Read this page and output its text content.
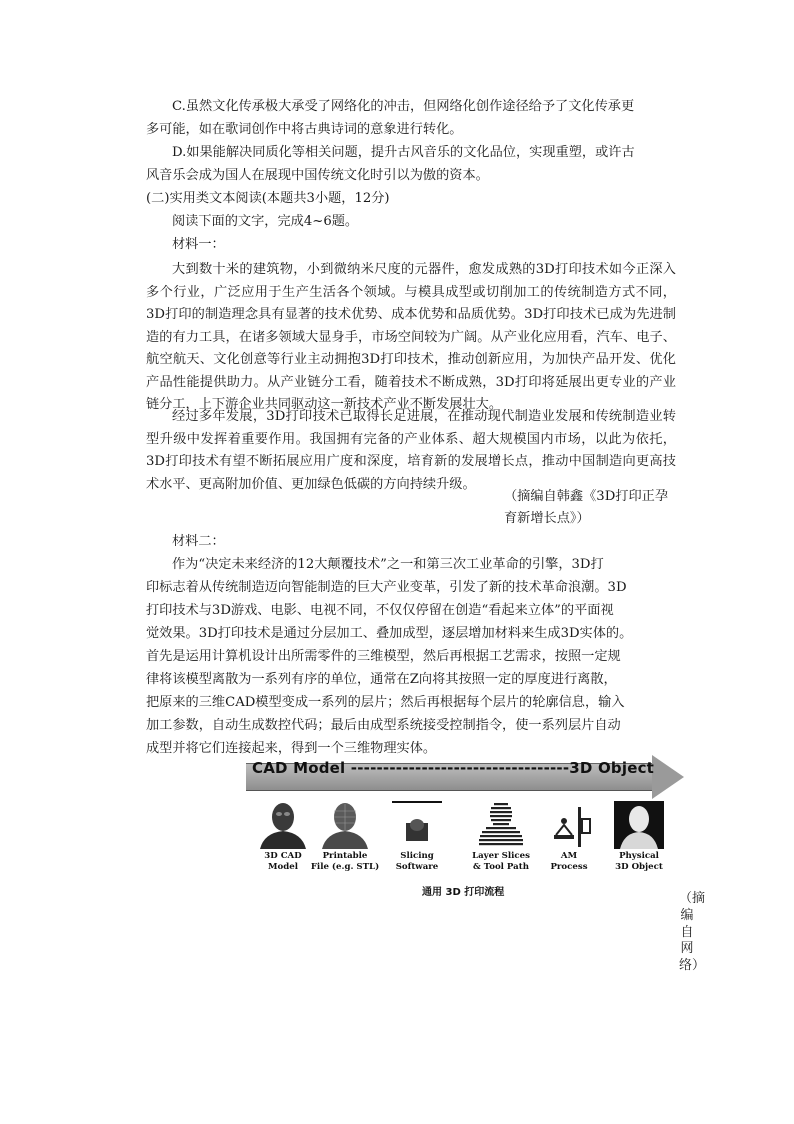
C.虽然文化传承极大承受了网络化的冲击，但网络化创作途径给予了文化传承更

多可能，如在歌词创作中将古典诗词的意象进行转化。

D.如果能解决同质化等相关问题，提升古风音乐的文化品位，实现重塑，或许古

风音乐会成为国人在展现中国传统文化时引以为傲的资本。

(二)实用类文本阅读(本题共3小题，12分)

阅读下面的文字，完成4~6题。

材料一：

大到数十米的建筑物，小到微纳米尺度的元器件，愈发成熟的3D打印技术如今正深入多个行业，广泛应用于生产生活各个领域。与模具成型或切削加工的传统制造方式不同，3D打印的制造理念具有显著的技术优势、成本优势和品质优势。3D打印技术已成为先进制造的有力工具，在诸多领域大显身手，市场空间较为广阔。从产业化应用看，汽车、电子、航空航天、文化创意等行业主动拥抱3D打印技术，推动创新应用，为加快产品开发、优化产品性能提供助力。从产业链分工看，随着技术不断成熟，3D打印将延展出更专业的产业链分工，上下游企业共同驱动这一新技术产业不断发展壮大。

经过多年发展，3D打印技术已取得长足进展，在推动现代制造业发展和传统制造业转型升级中发挥着重要作用。我国拥有完备的产业体系、超大规模国内市场，以此为依托，3D打印技术有望不断拓展应用广度和深度，培育新的发展增长点，推动中国制造向更高技术水平、更高附加价值、更加绿色低碳的方向持续升级。

（摘编自韩鑫《3D打印正孕

育新增长点》）

材料二：

作为“决定未来经济的12大颠覆技术”之一和第三次工业革命的引擎，3D打

印标志着从传统制造迈向智能制造的巨大产业变革，引发了新的技术革命浪潮。3D

打印技术与3D游戏、电影、电视不同，不仅仅停留在创造“看起来立体”的平面视

觉效果。3D打印技术是通过分层加工、叠加成型，逐层增加材料来生成3D实体的。

首先是运用计算机设计出所需零件的三维模型，然后再根据工艺需求，按照一定规

律将该模型离散为一系列有序的单位，通常在Z向将其按照一定的厚度进行离散，

把原来的三维CAD模型变成一系列的层片；然后再根据每个层片的轮廓信息，输入

加工参数，自动生成数控代码；最后由成型系统接受控制指令，使一系列层片自动

成型并将它们连接起来，得到一个三维物理实体。

CAD Model ----------------------------------3D Object
3D CAD
Model
Printable
File (e.g. STL)
Slicing
Software
Layer Slices
& Tool Path
AM
Process
Physical
3D Object
通用 3D 打印流程	（摘编自网络）
